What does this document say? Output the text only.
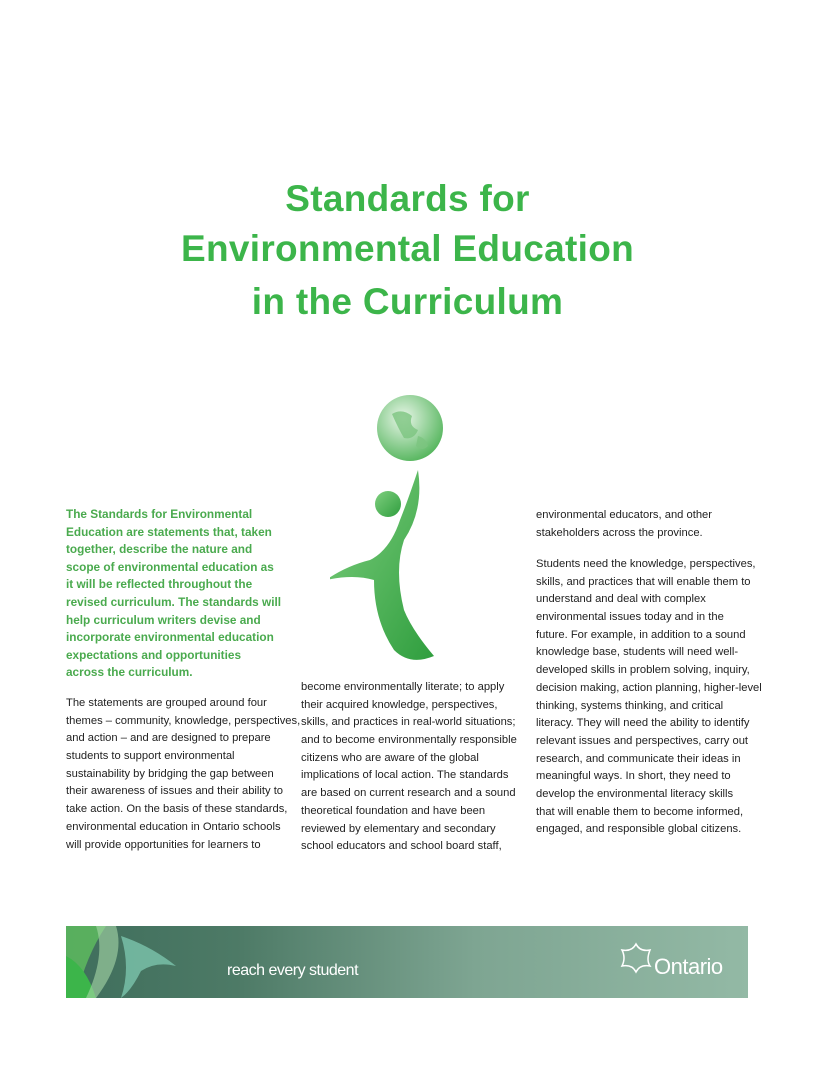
Standards for
Environmental Education
in the Curriculum
The Standards for Environmental
Education are statements that, taken
together, describe the nature and
scope of environmental education as
it will be reflected throughout the
revised curriculum. The standards will
help curriculum writers devise and
incorporate environmental education
expectations and opportunities
across the curriculum.
The statements are grouped around four
themes – community, knowledge, perspectives,
and action – and are designed to prepare
students to support environmental
sustainability by bridging the gap between
their awareness of issues and their ability to
take action. On the basis of these standards,
environmental education in Ontario schools
will provide opportunities for learners to
become environmentally literate; to apply
their acquired knowledge, perspectives,
skills, and practices in real-world situations;
and to become environmentally responsible
citizens who are aware of the global
implications of local action. The standards
are based on current research and a sound
theoretical foundation and have been
reviewed by elementary and secondary
school educators and school board staff,
environmental educators, and other
stakeholders across the province.
Students need the knowledge, perspectives,
skills, and practices that will enable them to
understand and deal with complex
environmental issues today and in the
future. For example, in addition to a sound
knowledge base, students will need well-
developed skills in problem solving, inquiry,
decision making, action planning, higher-level
thinking, systems thinking, and critical
literacy. They will need the ability to identify
relevant issues and perspectives, carry out
research, and communicate their ideas in
meaningful ways. In short, they need to
develop the environmental literacy skills
that will enable them to become informed,
engaged, and responsible global citizens.
reach every student	Ontario
